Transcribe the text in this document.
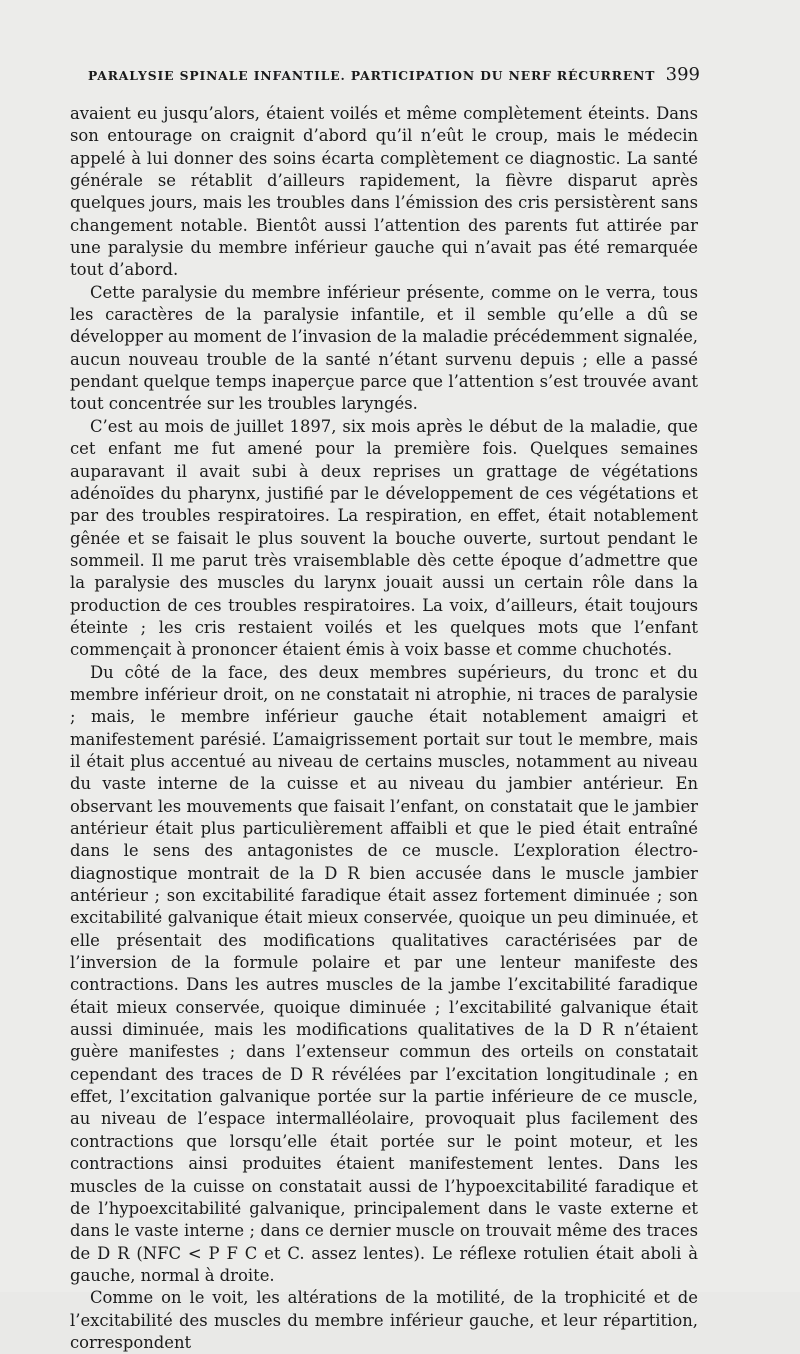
PARALYSIE SPINALE INFANTILE. PARTICIPATION DU NERF RÉCURRENT 399

avaient eu jusqu’alors, étaient voilés et même complètement éteints. Dans son entourage on craignit d’abord qu’il n’eût le croup, mais le médecin appelé à lui donner des soins écarta complètement ce diagnostic. La santé générale se rétablit d’ailleurs rapidement, la fièvre disparut après quelques jours, mais les troubles dans l’émission des cris persistèrent sans changement notable. Bientôt aussi l’attention des parents fut attirée par une paralysie du membre inférieur gauche qui n’avait pas été remarquée tout d’abord.

Cette paralysie du membre inférieur présente, comme on le verra, tous les caractères de la paralysie infantile, et il semble qu’elle a dû se développer au moment de l’invasion de la maladie précédemment signalée, aucun nouveau trouble de la santé n’étant survenu depuis ; elle a passé pendant quelque temps inaperçue parce que l’attention s’est trouvée avant tout concentrée sur les troubles laryngés.

C’est au mois de juillet 1897, six mois après le début de la maladie, que cet enfant me fut amené pour la première fois. Quelques semaines auparavant il avait subi à deux reprises un grattage de végétations adénoïdes du pharynx, justifié par le développement de ces végétations et par des troubles respiratoires. La respiration, en effet, était notablement gênée et se faisait le plus souvent la bouche ouverte, surtout pendant le sommeil. Il me parut très vraisemblable dès cette époque d’admettre que la paralysie des muscles du larynx jouait aussi un certain rôle dans la production de ces troubles respiratoires. La voix, d’ailleurs, était toujours éteinte ; les cris restaient voilés et les quelques mots que l’enfant commençait à prononcer étaient émis à voix basse et comme chuchotés.

Du côté de la face, des deux membres supérieurs, du tronc et du membre inférieur droit, on ne constatait ni atrophie, ni traces de paralysie ; mais, le membre inférieur gauche était notablement amaigri et manifestement parésié. L’amaigrissement portait sur tout le membre, mais il était plus accentué au niveau de certains muscles, notamment au niveau du vaste interne de la cuisse et au niveau du jambier antérieur. En observant les mouvements que faisait l’enfant, on constatait que le jambier antérieur était plus particulièrement affaibli et que le pied était entraîné dans le sens des antagonistes de ce muscle. L’exploration électro-diagnostique montrait de la D R bien accusée dans le muscle jambier antérieur ; son excitabilité faradique était assez fortement diminuée ; son excitabilité galvanique était mieux conservée, quoique un peu diminuée, et elle présentait des modifications qualitatives caractérisées par de l’inversion de la formule polaire et par une lenteur manifeste des contractions. Dans les autres muscles de la jambe l’excitabilité faradique était mieux conservée, quoique diminuée ; l’excitabilité galvanique était aussi diminuée, mais les modifications qualitatives de la D R n’étaient guère manifestes ; dans l’extenseur commun des orteils on constatait cependant des traces de D R révélées par l’excitation longitudinale ; en effet, l’excitation galvanique portée sur la partie inférieure de ce muscle, au niveau de l’espace intermalléolaire, provoquait plus facilement des contractions que lorsqu’elle était portée sur le point moteur, et les contractions ainsi produites étaient manifestement lentes. Dans les muscles de la cuisse on constatait aussi de l’hypoexcitabilité faradique et de l’hypoexcitabilité galvanique, principalement dans le vaste externe et dans le vaste interne ; dans ce dernier muscle on trouvait même des traces de D R (NFC < P F C et C. assez lentes). Le réflexe rotulien était aboli à gauche, normal à droite.

Comme on le voit, les altérations de la motilité, de la trophicité et de l’excitabilité des muscles du membre inférieur gauche, et leur répartition, correspondent
